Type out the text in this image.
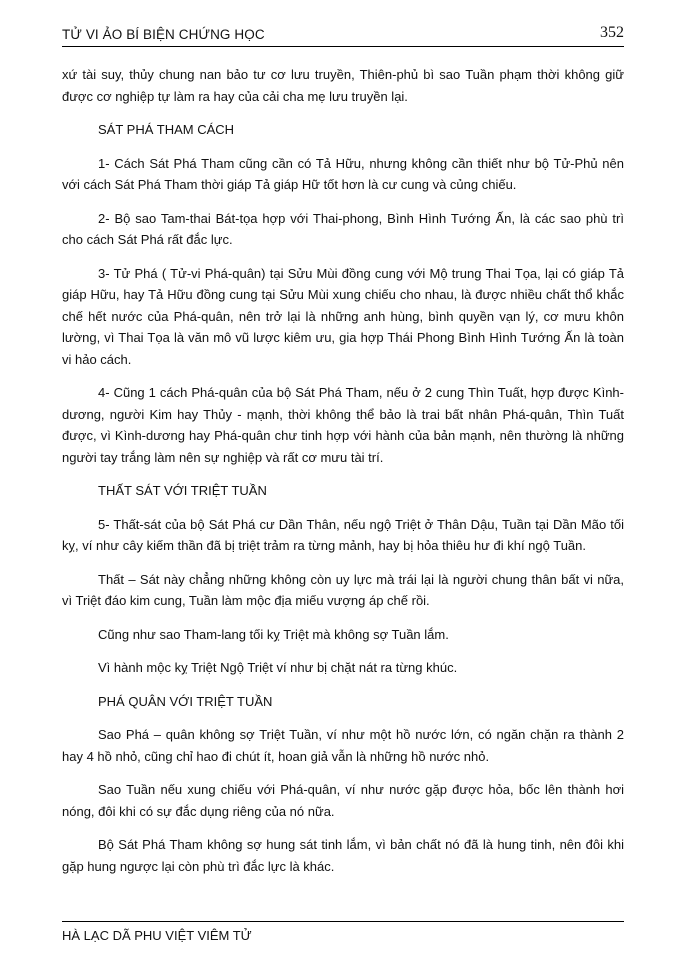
TỬ VI ẢO BÍ BIỆN CHỨNG HỌC	352

xứ tài suy, thủy chung nan bảo tư cơ lưu truyền, Thiên-phủ bì sao Tuần phạm thời không giữ được cơ nghiệp tự làm ra hay của cải cha mẹ lưu truyền lại.

SÁT PHÁ THAM CÁCH

1- Cách Sát Phá Tham cũng cần có Tả Hữu, nhưng không cần thiết như bộ Tử-Phủ nên với cách Sát Phá Tham thời giáp Tả giáp Hữ tốt hơn là cư cung và củng chiếu.

2- Bộ sao Tam-thai Bát-tọa hợp với Thai-phong, Bình Hình Tướng Ấn, là các sao phù trì cho cách Sát Phá rất đắc lực.

3- Tử Phá ( Tử-vi Phá-quân) tại Sửu Mùi đồng cung với Mộ trung Thai Tọa, lại có giáp Tả giáp Hữu, hay Tả Hữu đồng cung tại Sửu Mùi xung chiếu cho nhau, là được nhiều chất thổ khắc chế hết nước của Phá-quân, nên trở lại là những anh hùng, bình quyền vạn lý, cơ mưu khôn lường, vì Thai Tọa là văn mô vũ lược kiêm ưu, gia hợp Thái Phong Bình Hình Tướng Ấn là toàn vi hảo cách.

4- Cũng 1 cách Phá-quân của bộ Sát Phá Tham, nếu ở 2 cung Thìn Tuất, hợp được Kình-dương, người Kim hay Thủy - mạnh, thời không thể bảo là trai bất nhân Phá-quân, Thìn Tuất được, vì Kình-dương hay Phá-quân chư tinh hợp với hành của bản mạnh, nên thường là những người tay trắng làm nên sự nghiệp và rất cơ mưu tài trí.

THẤT SÁT VỚI TRIỆT TUẦN

5- Thất-sát của bộ Sát Phá cư Dần Thân, nếu ngộ Triệt ở Thân Dậu, Tuần tại Dần Mão tối kỵ, ví như cây kiếm thần đã bị triệt trảm ra từng mảnh, hay bị hỏa thiêu hư đi khí ngộ Tuần.

Thất – Sát này chẳng những không còn uy lực mà trái lại là người chung thân bất vi nữa, vì Triệt đáo kim cung, Tuần làm mộc địa miếu vượng áp chế rồi.

Cũng như sao Tham-lang tối kỵ Triệt mà không sợ Tuần lắm.

Vì hành mộc kỵ Triệt Ngộ Triệt ví như bị chặt nát ra từng khúc.

PHÁ QUÂN VỚI TRIỆT TUẦN

Sao Phá – quân không sợ Triệt Tuần, ví như một hồ nước lớn, có ngăn chặn ra thành 2 hay 4 hồ nhỏ, cũng chỉ hao đi chút ít, hoan giả vẫn là những hồ nước nhỏ.

Sao Tuần nếu xung chiếu với Phá-quân, ví như nước gặp được hỏa, bốc lên thành hơi nóng, đôi khi có sự đắc dụng riêng của nó nữa.

Bộ Sát Phá Tham không sợ hung sát tinh lắm, vì bản chất nó đã là hung tinh, nên đôi khi gặp hung ngược lại còn phù trì đắc lực là khác.

HÀ LẠC DÃ PHU VIỆT VIÊM TỬ
